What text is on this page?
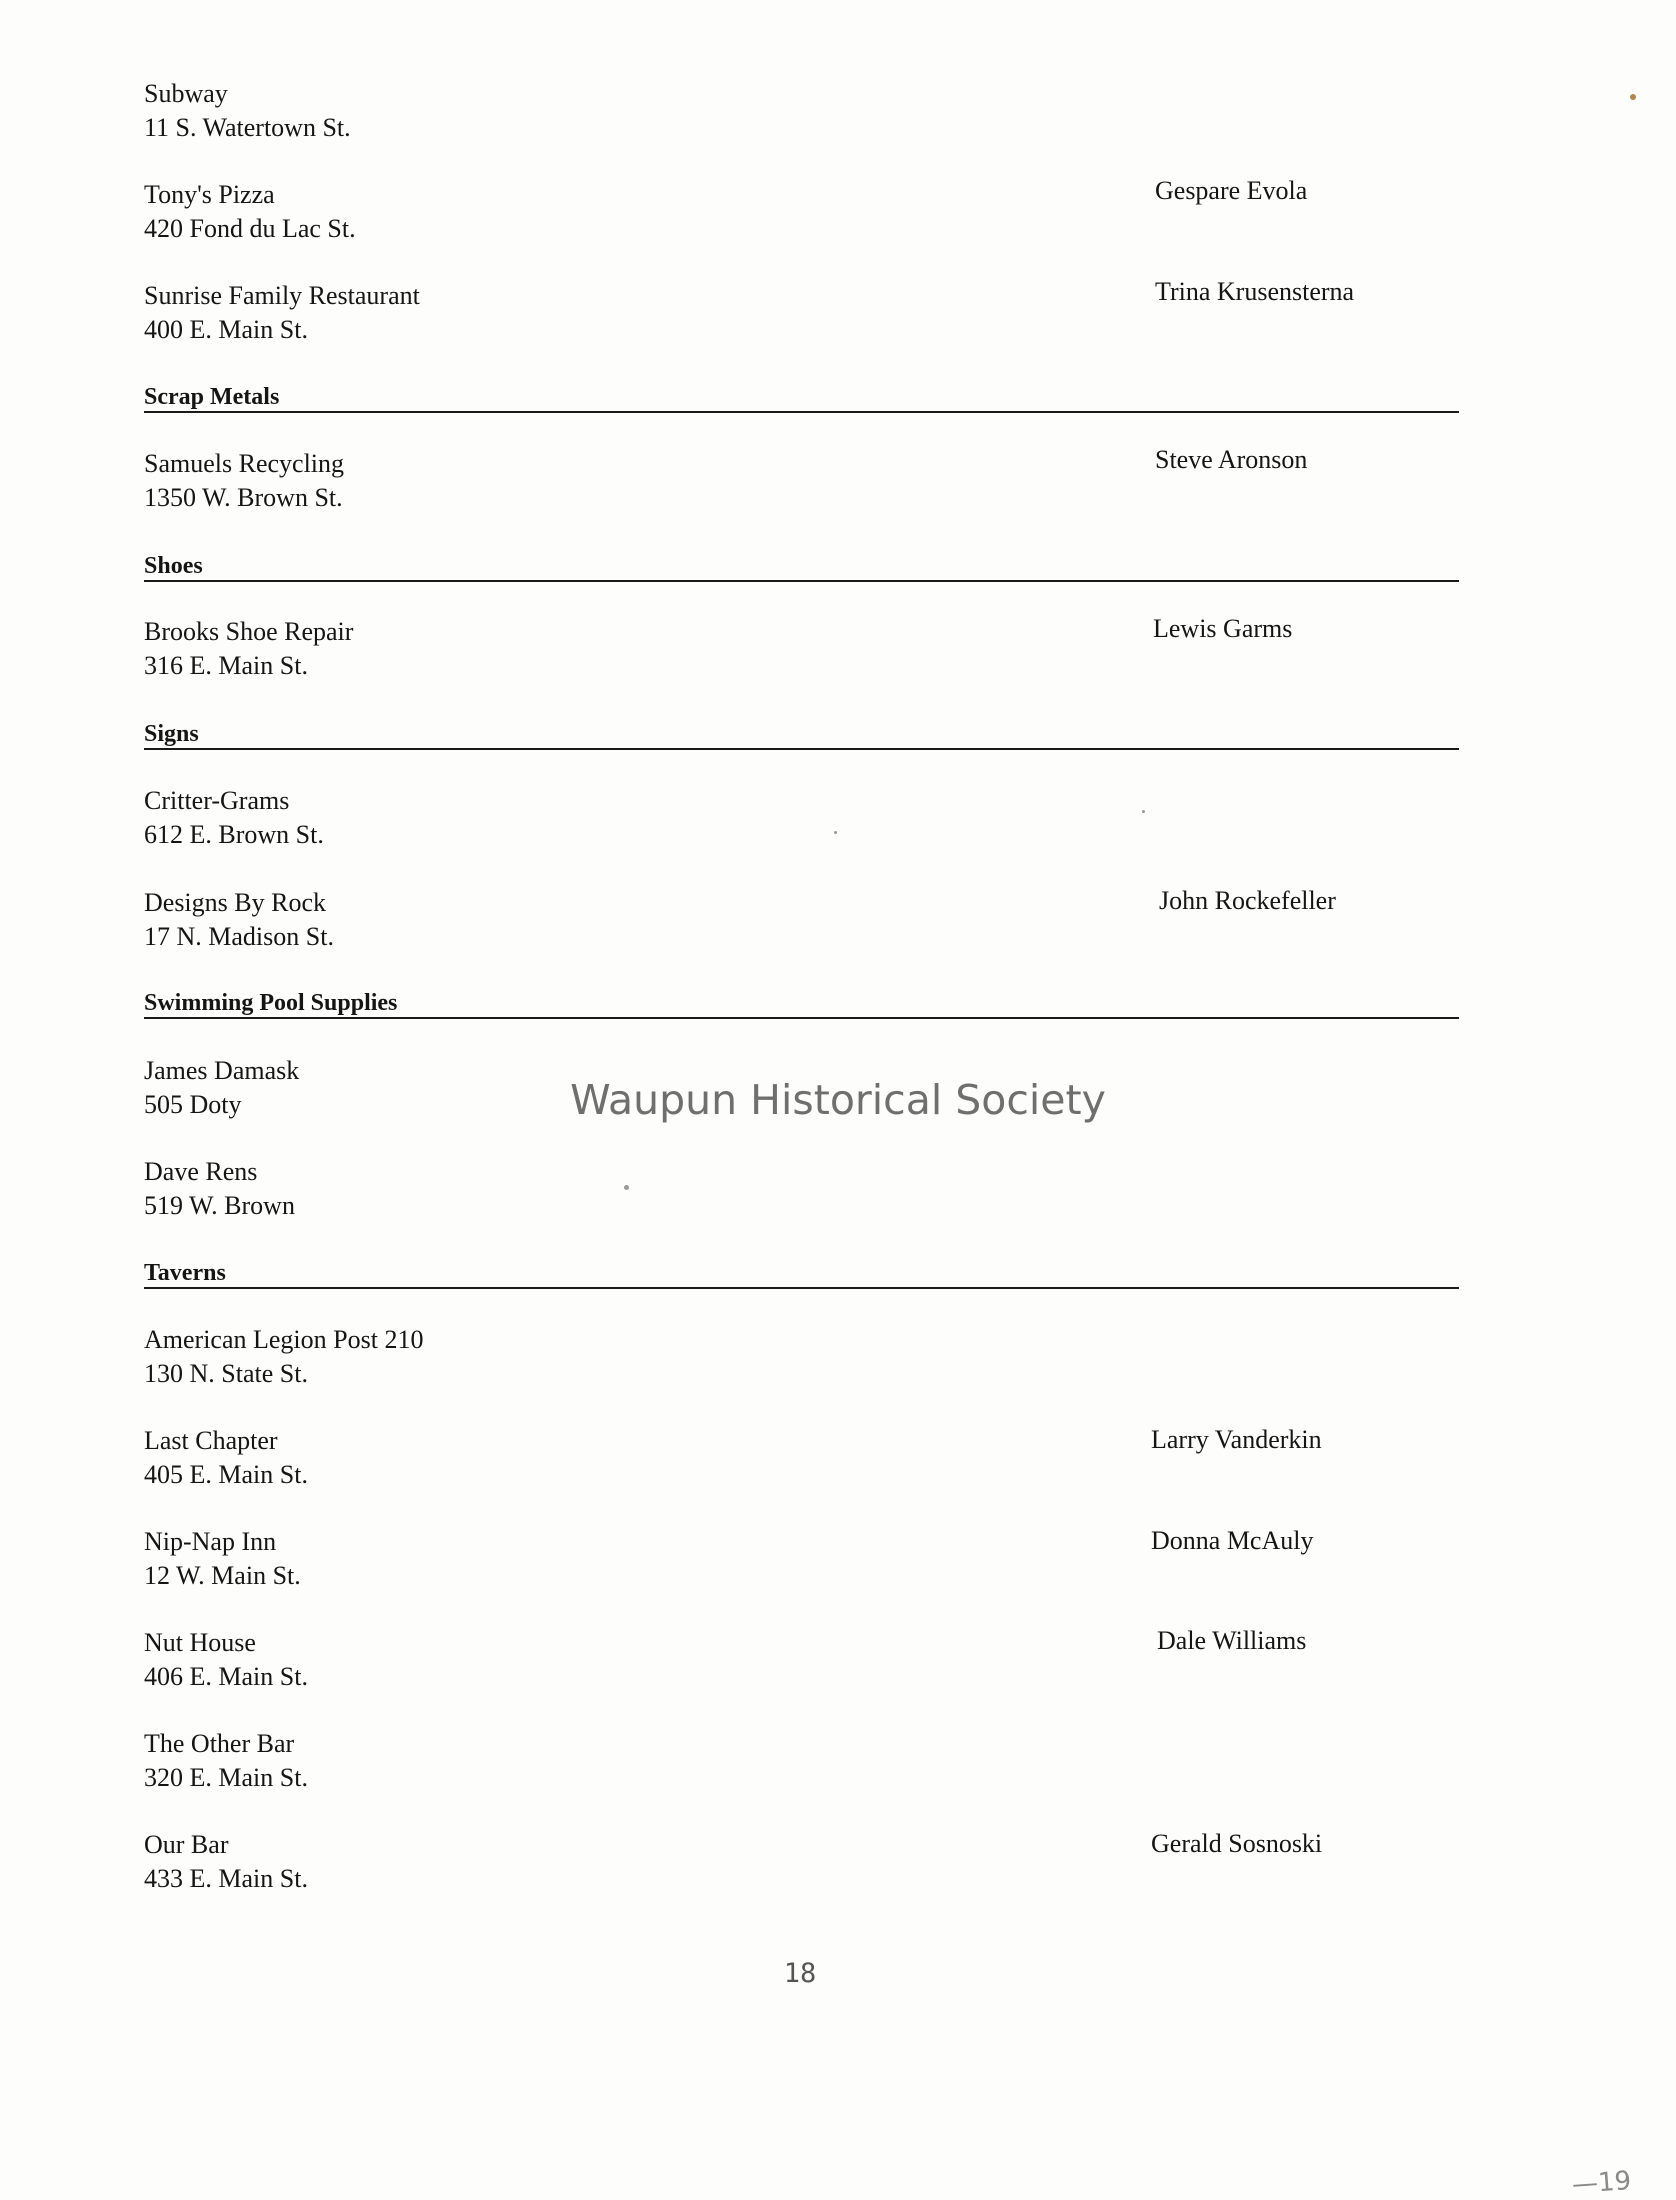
Subway
11 S. Watertown St.
Tony's Pizza
420 Fond du Lac St.
Gespare Evola
Sunrise Family Restaurant
400 E. Main St.
Trina Krusensterna
Scrap Metals
Samuels Recycling
1350 W. Brown St.
Steve Aronson
Shoes
Brooks Shoe Repair
316 E. Main St.
Lewis Garms
Signs
Critter-Grams
612 E. Brown St.
Designs By Rock
17 N. Madison St.
John Rockefeller
Swimming Pool Supplies
James Damask
505 Doty
Dave Rens
519 W. Brown
Taverns
American Legion Post 210
130 N. State St.
Last Chapter
405 E. Main St.
Larry Vanderkin
Nip-Nap Inn
12 W. Main St.
Donna McAuly
Nut House
406 E. Main St.
Dale Williams
The Other Bar
320 E. Main St.
Our Bar
433 E. Main St.
Gerald Sosnoski
Waupun Historical Society
18
—19
